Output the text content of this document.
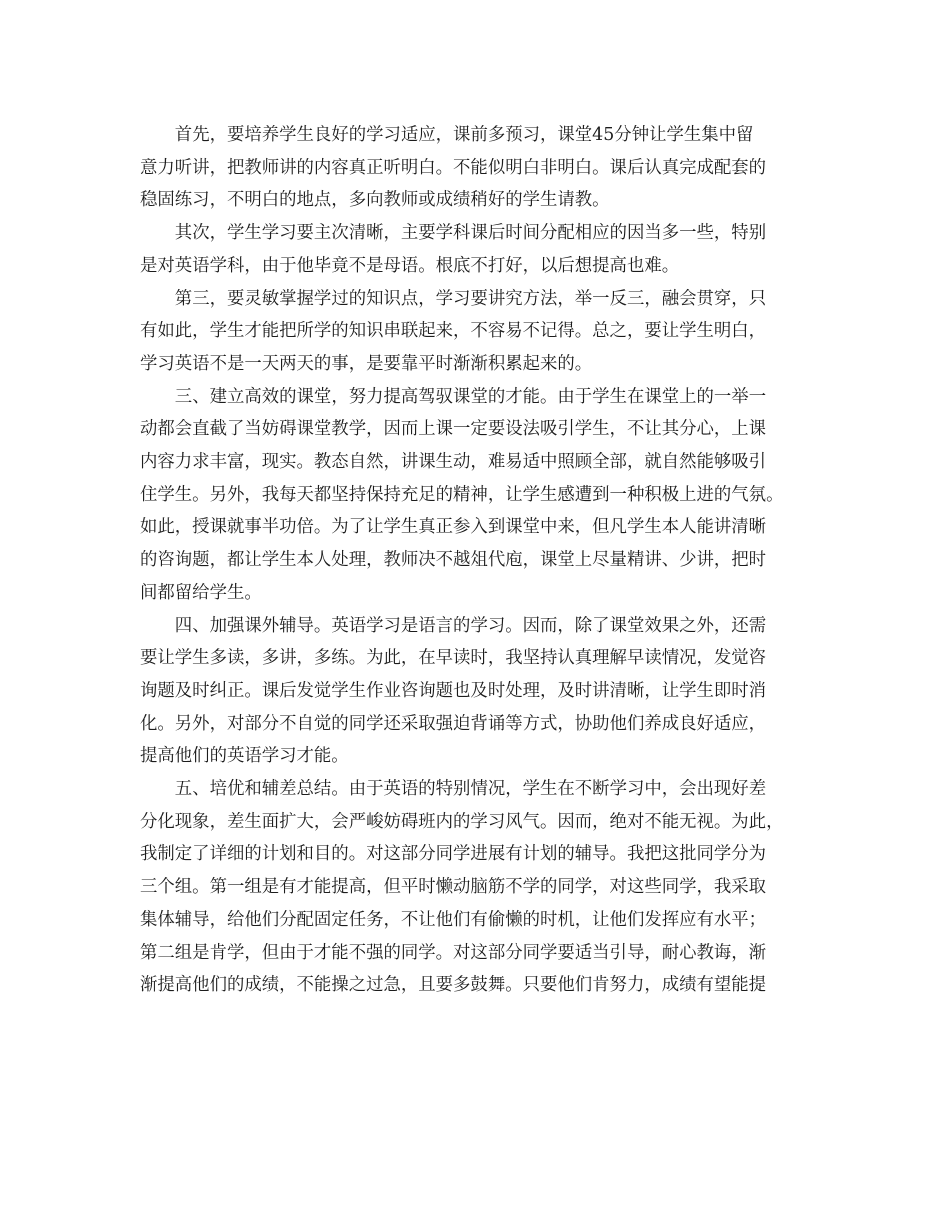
首先，要培养学生良好的学习适应，课前多预习，课堂45分钟让学生集中留
意力听讲，把教师讲的内容真正听明白。不能似明白非明白。课后认真完成配套的
稳固练习，不明白的地点，多向教师或成绩稍好的学生请教。

其次，学生学习要主次清晰，主要学科课后时间分配相应的因当多一些，特别
是对英语学科，由于他毕竟不是母语。根底不打好，以后想提高也难。

第三，要灵敏掌握学过的知识点，学习要讲究方法，举一反三，融会贯穿，只
有如此，学生才能把所学的知识串联起来，不容易不记得。总之，要让学生明白，
学习英语不是一天两天的事，是要靠平时渐渐积累起来的。

三、建立高效的课堂，努力提高驾驭课堂的才能。由于学生在课堂上的一举一
动都会直截了当妨碍课堂教学，因而上课一定要设法吸引学生，不让其分心，上课
内容力求丰富，现实。教态自然，讲课生动，难易适中照顾全部，就自然能够吸引
住学生。另外，我每天都坚持保持充足的精神，让学生感遭到一种积极上进的气氛。
如此，授课就事半功倍。为了让学生真正参入到课堂中来，但凡学生本人能讲清晰
的咨询题，都让学生本人处理，教师决不越俎代庖，课堂上尽量精讲、少讲，把时
间都留给学生。

四、加强课外辅导。英语学习是语言的学习。因而，除了课堂效果之外，还需
要让学生多读，多讲，多练。为此，在早读时，我坚持认真理解早读情况，发觉咨
询题及时纠正。课后发觉学生作业咨询题也及时处理，及时讲清晰，让学生即时消
化。另外，对部分不自觉的同学还采取强迫背诵等方式，协助他们养成良好适应，
提高他们的英语学习才能。

五、培优和辅差总结。由于英语的特别情况，学生在不断学习中，会出现好差
分化现象，差生面扩大，会严峻妨碍班内的学习风气。因而，绝对不能无视。为此，
我制定了详细的计划和目的。对这部分同学进展有计划的辅导。我把这批同学分为
三个组。第一组是有才能提高，但平时懒动脑筋不学的同学，对这些同学，我采取
集体辅导，给他们分配固定任务，不让他们有偷懒的时机，让他们发挥应有水平；
第二组是肯学，但由于才能不强的同学。对这部分同学要适当引导，耐心教诲，渐
渐提高他们的成绩，不能操之过急，且要多鼓舞。只要他们肯努力，成绩有望能提
